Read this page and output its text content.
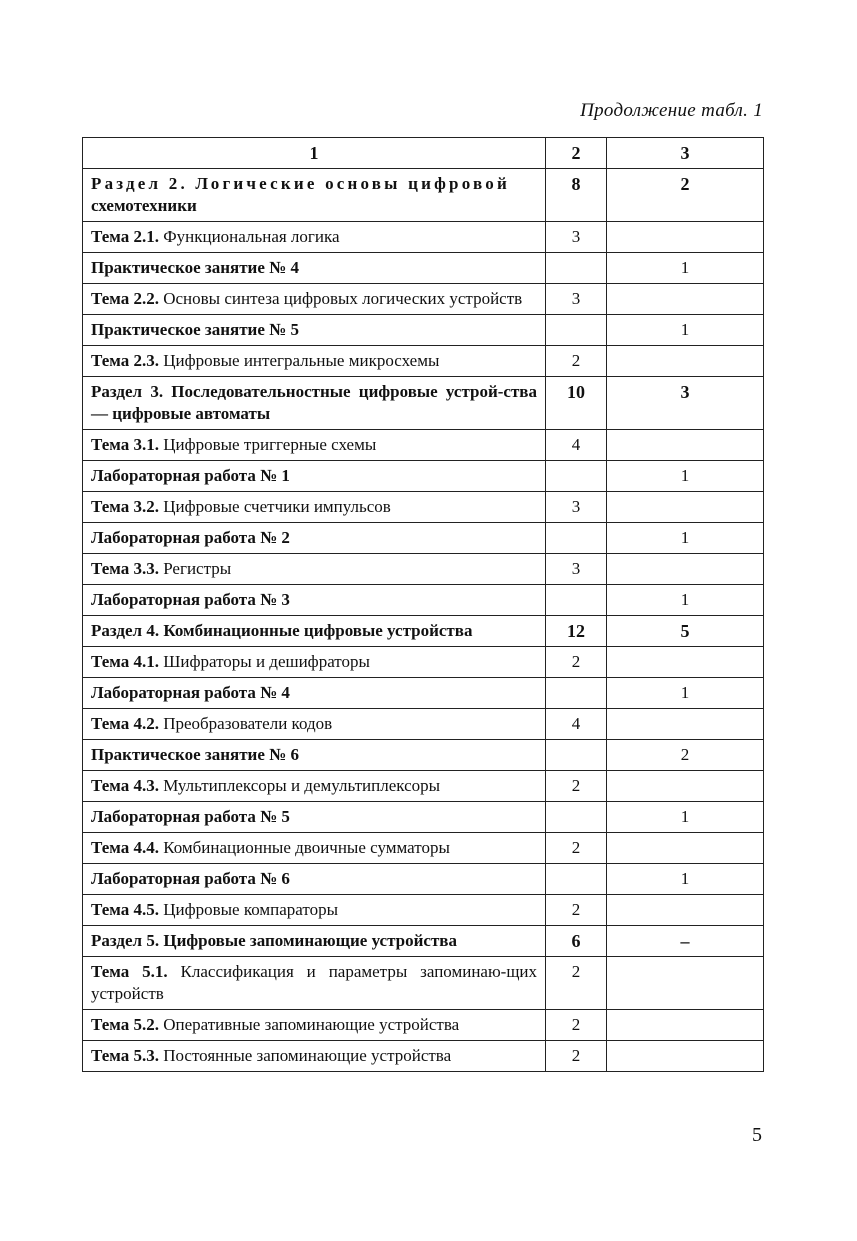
Продолжение табл. 1
1	2	3
Раздел 2. Логические основы цифровой
схемотехники	8	2
Тема 2.1. Функциональная логика	3	
Практическое занятие № 4		1
Тема 2.2. Основы синтеза цифровых логических устройств	3	
Практическое занятие № 5		1
Тема 2.3. Цифровые интегральные микросхемы	2	
Раздел 3. Последовательностные цифровые устрой-ства — цифровые автоматы	10	3
Тема 3.1. Цифровые триггерные схемы	4	
Лабораторная работа № 1		1
Тема 3.2. Цифровые счетчики импульсов	3	
Лабораторная работа № 2		1
Тема 3.3. Регистры	3	
Лабораторная работа № 3		1
Раздел 4. Комбинационные цифровые устройства	12	5
Тема 4.1. Шифраторы и дешифраторы	2	
Лабораторная работа № 4		1
Тема 4.2. Преобразователи кодов	4	
Практическое занятие № 6		2
Тема 4.3. Мультиплексоры и демультиплексоры	2	
Лабораторная работа № 5		1
Тема 4.4. Комбинационные двоичные сумматоры	2	
Лабораторная работа № 6		1
Тема 4.5. Цифровые компараторы	2	
Раздел 5. Цифровые запоминающие устройства	6	–
Тема 5.1. Классификация и параметры запоминаю-щих устройств	2	
Тема 5.2. Оперативные запоминающие устройства	2	
Тема 5.3. Постоянные запоминающие устройства	2	
5
